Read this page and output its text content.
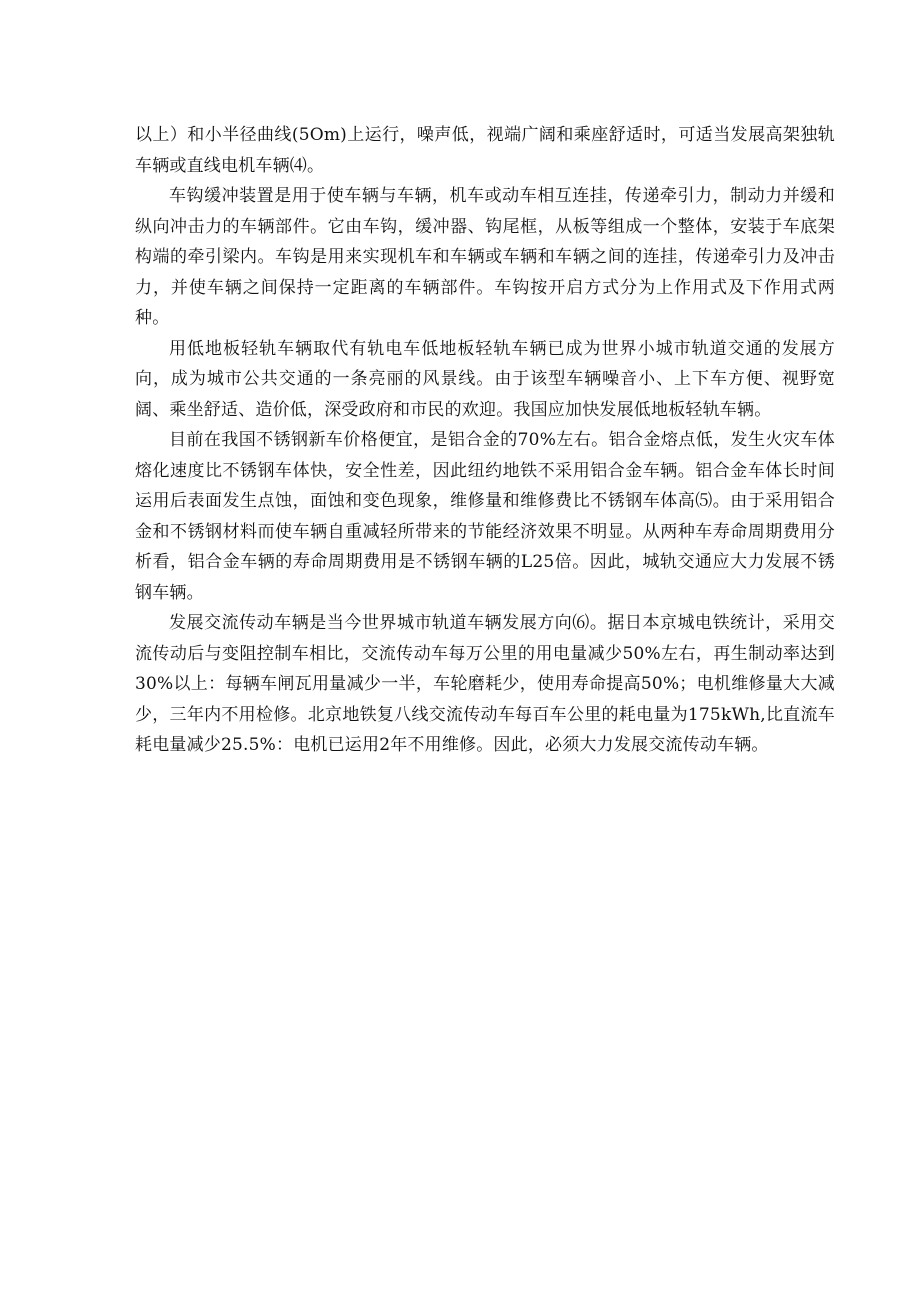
以上）和小半径曲线(5Om)上运行，噪声低，视端广阔和乘座舒适时，可适当发展高架独轨车辆或直线电机车辆⑷。

车钩缓冲装置是用于使车辆与车辆，机车或动车相互连挂，传递牵引力，制动力并缓和纵向冲击力的车辆部件。它由车钩，缓冲器、钩尾框，从板等组成一个整体，安装于车底架构端的牵引梁内。车钩是用来实现机车和车辆或车辆和车辆之间的连挂，传递牵引力及冲击力，并使车辆之间保持一定距离的车辆部件。车钩按开启方式分为上作用式及下作用式两种。

用低地板轻轨车辆取代有轨电车低地板轻轨车辆已成为世界小城市轨道交通的发展方向，成为城市公共交通的一条亮丽的风景线。由于该型车辆噪音小、上下车方便、视野宽阔、乘坐舒适、造价低，深受政府和市民的欢迎。我国应加快发展低地板轻轨车辆。

目前在我国不锈钢新车价格便宜，是铝合金的70%左右。铝合金熔点低，发生火灾车体熔化速度比不锈钢车体快，安全性差，因此纽约地铁不采用铝合金车辆。铝合金车体长时间运用后表面发生点蚀，面蚀和变色现象，维修量和维修费比不锈钢车体高⑸。由于采用铝合金和不锈钢材料而使车辆自重减轻所带来的节能经济效果不明显。从两种车寿命周期费用分析看，铝合金车辆的寿命周期费用是不锈钢车辆的L25倍。因此，城轨交通应大力发展不锈钢车辆。

发展交流传动车辆是当今世界城市轨道车辆发展方向⑹。据日本京城电铁统计，采用交流传动后与变阻控制车相比，交流传动车每万公里的用电量减少50%左右，再生制动率达到30%以上：每辆车闸瓦用量减少一半，车轮磨耗少，使用寿命提高50%；电机维修量大大减少，三年内不用检修。北京地铁复八线交流传动车每百车公里的耗电量为175kWh,比直流车耗电量减少25.5%：电机已运用2年不用维修。因此，必须大力发展交流传动车辆。
